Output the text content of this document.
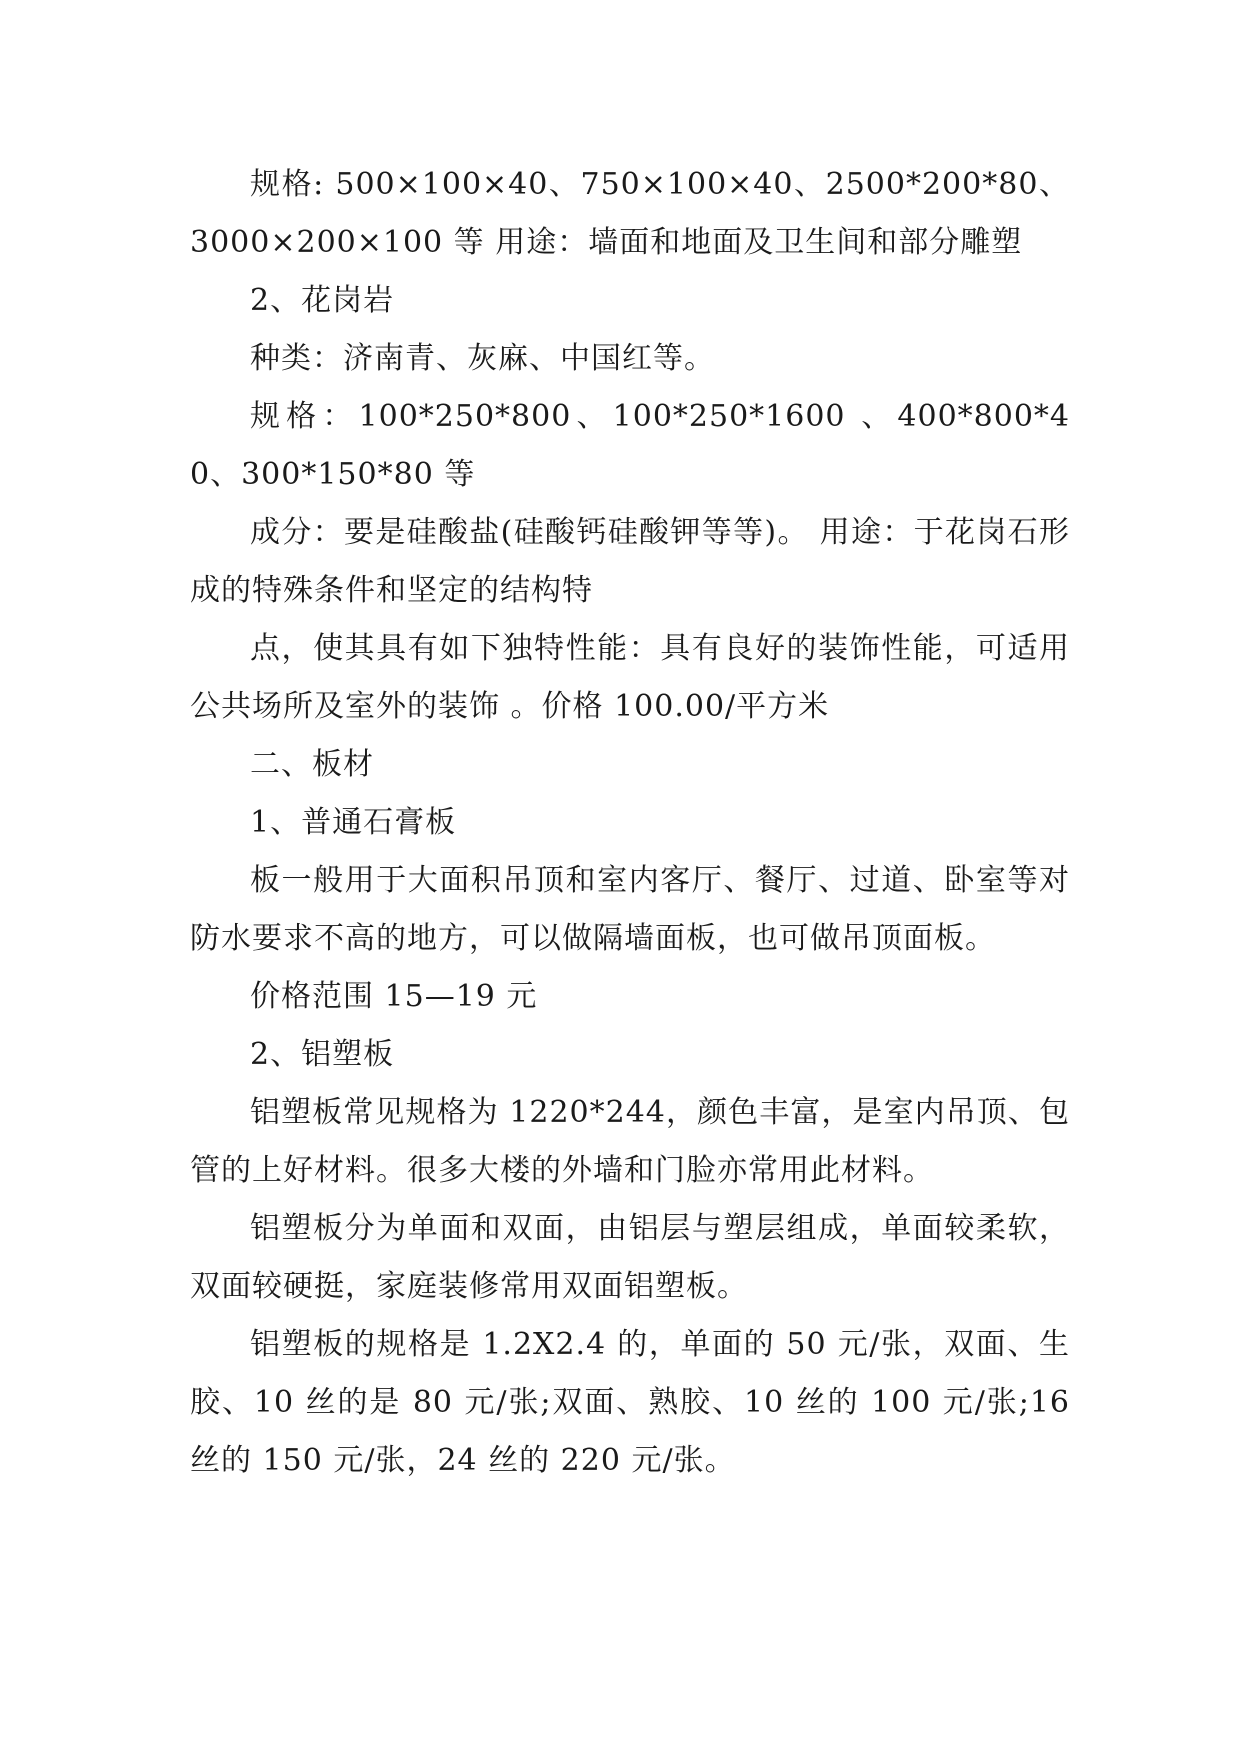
规格: 500×100×40、750×100×40、2500*200*80、3000×200×100 等 用途：墙面和地面及卫生间和部分雕塑

2、花岗岩

种类：济南青、灰麻、中国红等。

规格：100*250*800、100*250*1600 、400*800*40、300*150*80 等

成分：要是硅酸盐(硅酸钙硅酸钾等等)。 用途：于花岗石形成的特殊条件和坚定的结构特

点，使其具有如下独特性能：具有良好的装饰性能，可适用公共场所及室外的装饰 。价格 100.00/平方米

二、板材

1、普通石膏板

板一般用于大面积吊顶和室内客厅、餐厅、过道、卧室等对防水要求不高的地方，可以做隔墙面板，也可做吊顶面板。

价格范围 15—19 元

2、铝塑板

铝塑板常见规格为 1220*244，颜色丰富，是室内吊顶、包管的上好材料。很多大楼的外墙和门脸亦常用此材料。

铝塑板分为单面和双面，由铝层与塑层组成，单面较柔软，双面较硬挺，家庭装修常用双面铝塑板。

铝塑板的规格是 1.2X2.4 的，单面的 50 元/张，双面、生胶、10 丝的是 80 元/张;双面、熟胶、10 丝的 100 元/张;16 丝的 150 元/张，24 丝的 220 元/张。
